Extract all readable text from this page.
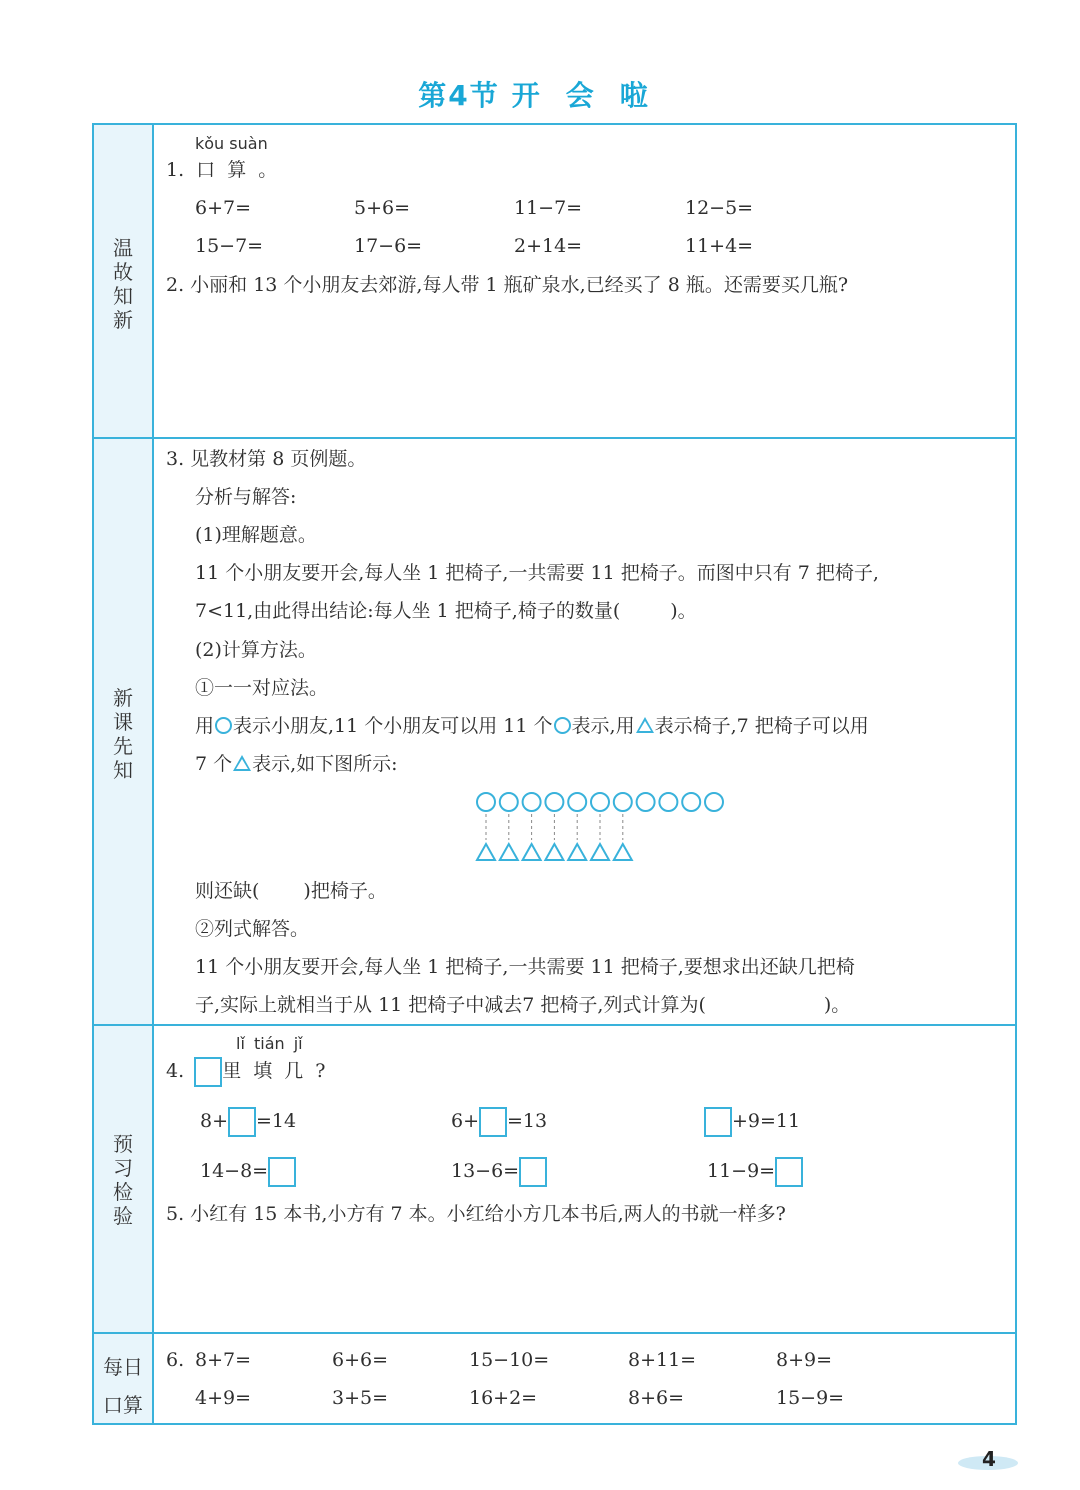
第4节 开 会 啦
温故知新
新课先知
预习检验
每日
口算
kǒu suàn
1. 口 算 。
6+7=	5+6=	11−7=	12−5=
15−7=	17−6=	2+14=	11+4=
2. 小丽和 13 个小朋友去郊游,每人带 1 瓶矿泉水,已经买了 8 瓶。还需要买几瓶?
3. 见教材第 8 页例题。
分析与解答:
(1)理解题意。
11 个小朋友要开会,每人坐 1 把椅子,一共需要 11 把椅子。而图中只有 7 把椅子,
7<11,由此得出结论:每人坐 1 把椅子,椅子的数量(	)。
(2)计算方法。
①一一对应法。
用 表示小朋友,11 个小朋友可以用 11 个 表示,用 表示椅子,7 把椅子可以用
7 个 表示,如下图所示:
则还缺( )把椅子。
②列式解答。
11 个小朋友要开会,每人坐 1 把椅子,一共需要 11 把椅子,要想求出还缺几把椅
子,实际上就相当于从 11 把椅子中减去7 把椅子,列式计算为(	)。
lǐ tián jǐ
4. 里 填 几 ?
8+ =14	6+ =13	+9=11
14−8=	13−6=	11−9=
5. 小红有 15 本书,小方有 7 本。小红给小方几本书后,两人的书就一样多?
6. 8+7=	6+6=	15−10=	8+11=	8+9=
4+9=	3+5=	16+2=	8+6=	15−9=
4
